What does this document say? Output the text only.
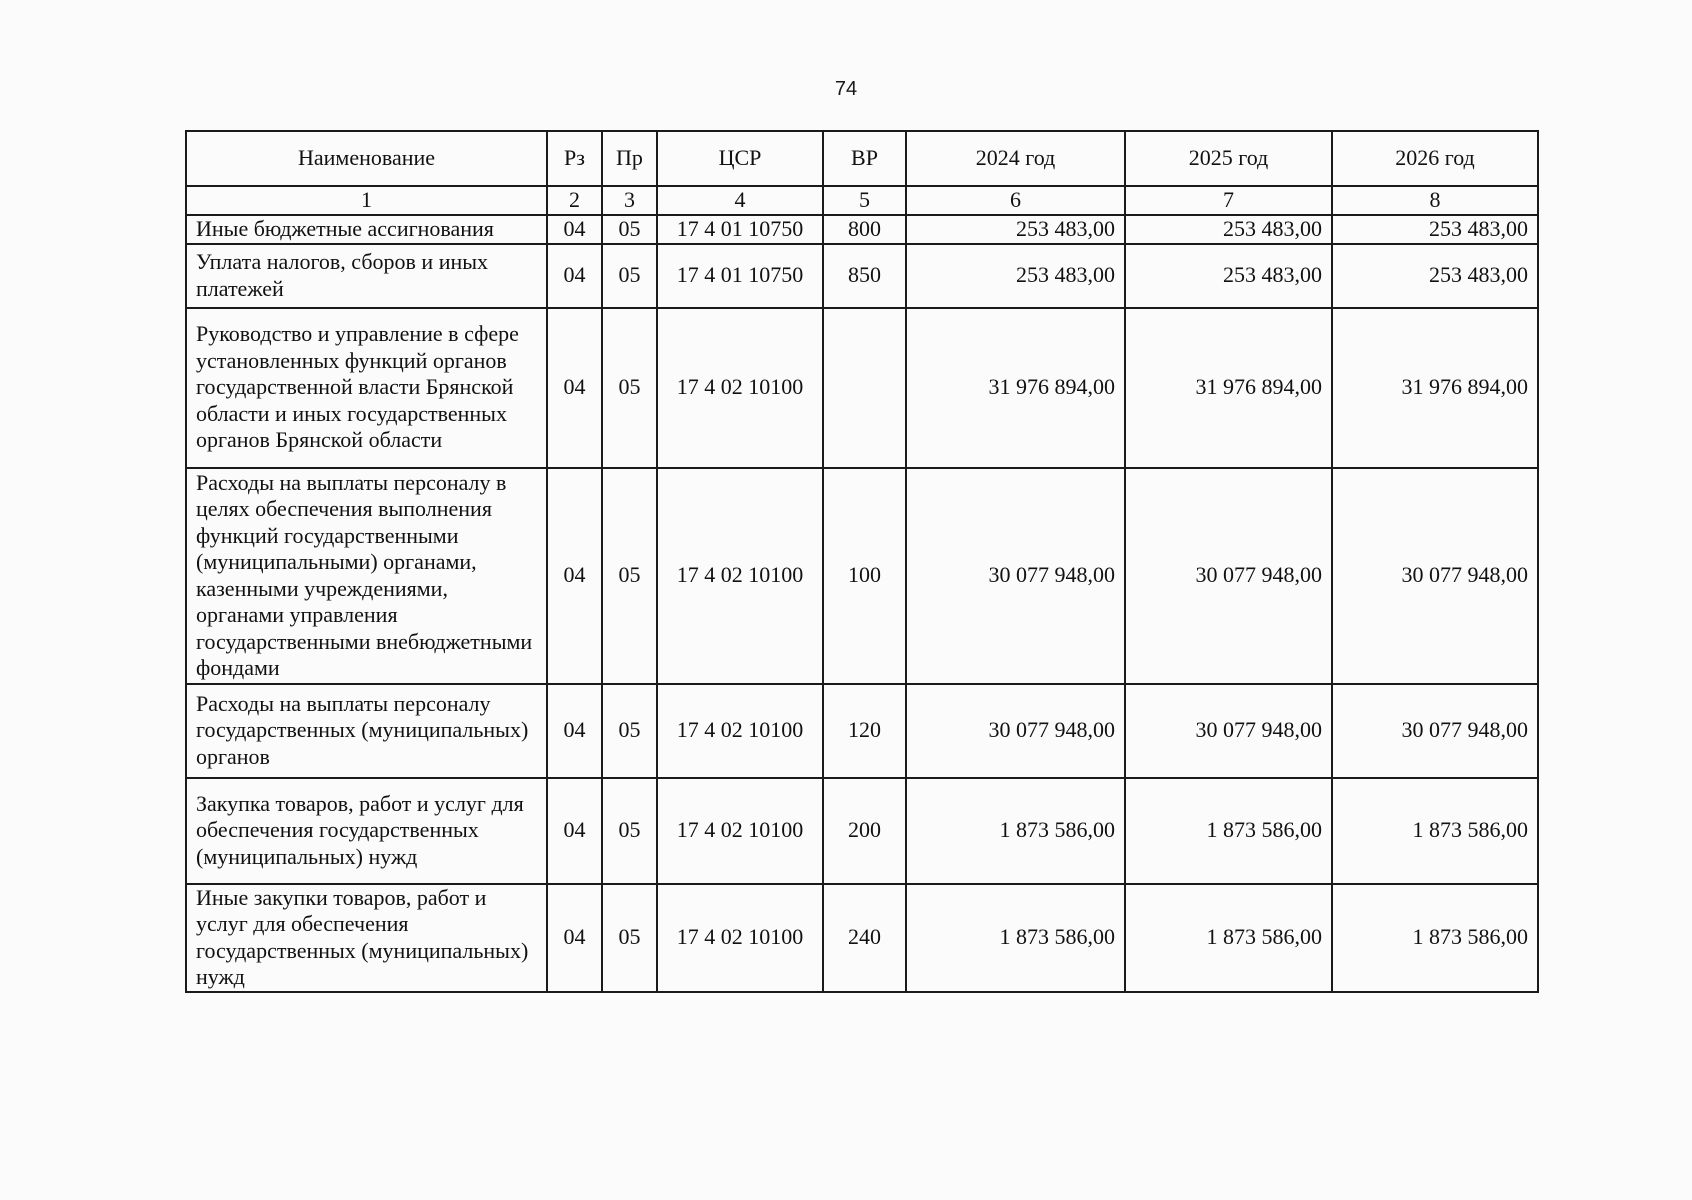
74
Наименование	Рз	Пр	ЦСР	ВР	2024 год	2025 год	2026 год
1	2	3	4	5	6	7	8
Иные бюджетные ассигнования	04	05	17 4 01 10750	800	253 483,00	253 483,00	253 483,00
Уплата налогов, сборов и иных платежей	04	05	17 4 01 10750	850	253 483,00	253 483,00	253 483,00
Руководство и управление в сфере установленных функций органов государственной власти Брянской области и иных государственных органов Брянской области	04	05	17 4 02 10100		31 976 894,00	31 976 894,00	31 976 894,00
Расходы на выплаты персоналу в целях обеспечения выполнения функций государственными (муниципальными) органами, казенными учреждениями, органами управления государственными внебюджетными фондами	04	05	17 4 02 10100	100	30 077 948,00	30 077 948,00	30 077 948,00
Расходы на выплаты персоналу государственных (муниципальных) органов	04	05	17 4 02 10100	120	30 077 948,00	30 077 948,00	30 077 948,00
Закупка товаров, работ и услуг для обеспечения государственных (муниципальных) нужд	04	05	17 4 02 10100	200	1 873 586,00	1 873 586,00	1 873 586,00
Иные закупки товаров, работ и услуг для обеспечения государственных (муниципальных) нужд	04	05	17 4 02 10100	240	1 873 586,00	1 873 586,00	1 873 586,00
